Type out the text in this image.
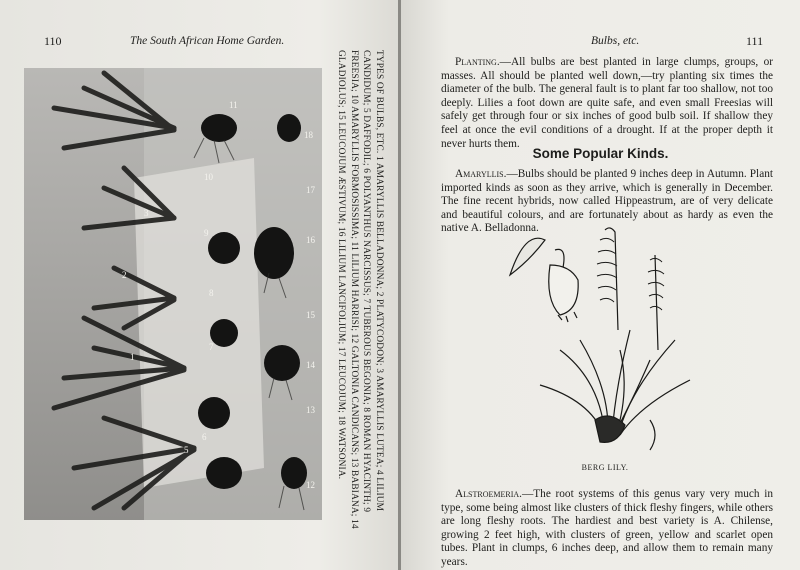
110	The South African Home Garden.
11
18
17
10
3
16
9
2
15
8
1
14
7
13
6
5
12	TYPES OF BULBS, ETC. 1 AMARYLLIS BELLADONNA; 2 PLATYCODON; 3 AMARYLLIS LUTEA; 4 LILIUM CANDIDUM; 5 DAFFODIL; 6 POLYANTHUS NARCISSUS; 7 TUBEROUS BEGONIA; 8 ROMAN HYACINTH; 9 FREESIA; 10 AMARYLLIS FORMOSISSIMA; 11 LILIUM HARRISI; 12 GALTONIA CANDICANS; 13 BABIANA; 14 GLADIOLUS; 15 LEUCOJUM ÆSTIVUM; 16 LILIUM LANCIFOLIUM; 17 LEUCOJUM; 18 WATSONIA.
Bulbs, etc.	111
Planting.—All bulbs are best planted in large clumps, groups, or masses. All should be planted well down,—try planting six times the diameter of the bulb. The general fault is to plant far too shallow, not too deeply. Lilies a foot down are quite safe, and even small Freesias will safely get through four or six inches of good bulb soil. If shallow they feel at once the evil conditions of a drought. If at the proper depth it never hurts them.
Some Popular Kinds.
Amaryllis.—Bulbs should be planted 9 inches deep in Autumn. Plant imported kinds as soon as they arrive, which is generally in December. The fine recent hybrids, now called Hippeastrum, are of very delicate and beautiful colours, and are fortunately about as hardy as even the native A. Belladonna.
Alstroemeria.—The root systems of this genus vary very much in type, some being almost like clusters of thick fleshy fingers, while others are long fleshy roots. The hardiest and best variety is A. Chilense, growing 2 feet high, with clusters of green, yellow and scarlet open tubes. Plant in clumps, 6 inches deep, and allow them to remain many years.
BERG LILY.
